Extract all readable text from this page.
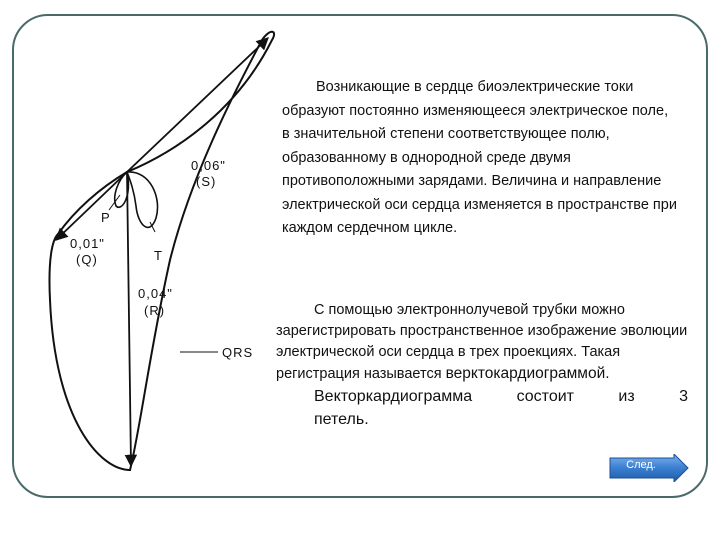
0,06"
(S)
P
T
0,01"
(Q)
0,04"
(R)
QRS

Возникающие в сердце биоэлектрические токи образуют постоянно изменяющееся электрическое поле, в значительной степени соответствующее полю, образованному в однородной среде двумя противоположными зарядами. Величина и направление электрической оси сердца изменяется в пространстве при каждом сердечном цикле.

С помощью электроннолучевой трубки можно зарегистрировать пространственное изображение эволюции электрической оси сердца в трех проекциях. Такая регистрация называется верктокардиограммой.
Векторкардиограмма состоит из 3
петель.
След.
